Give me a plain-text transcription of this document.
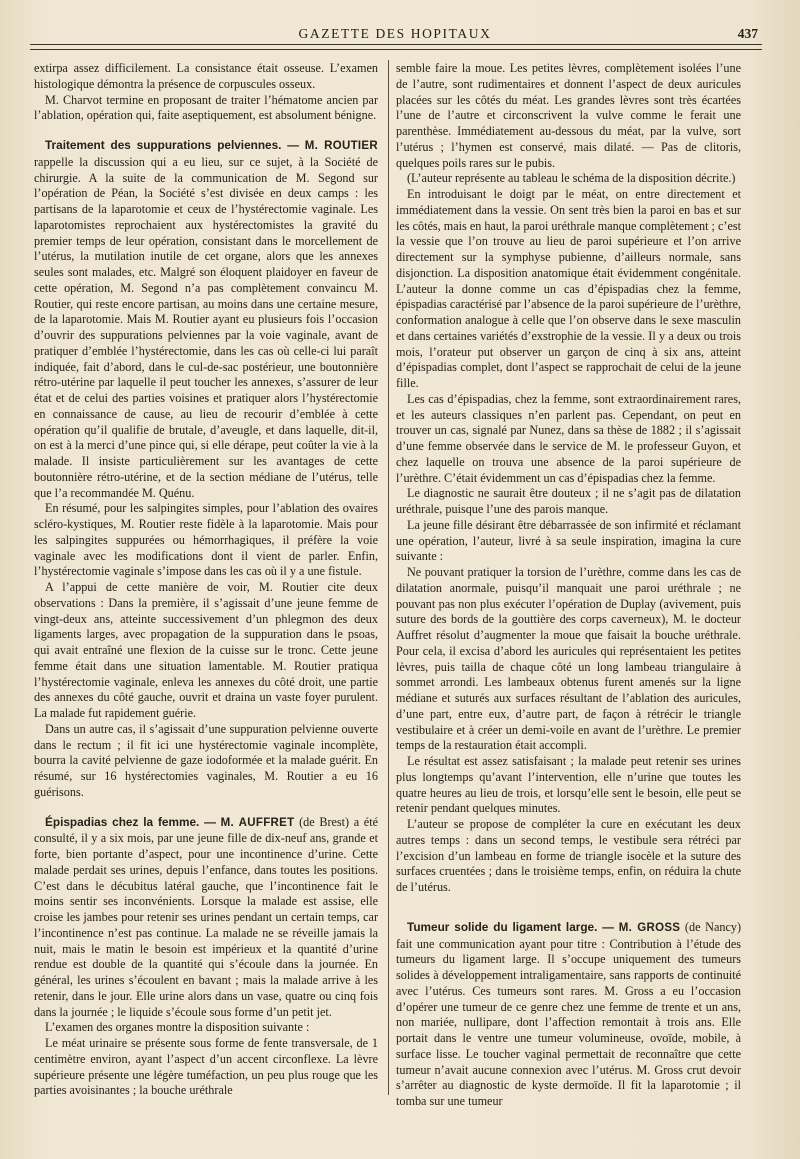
GAZETTE DES HOPITAUX	437

extirpa assez difficilement. La consistance était osseuse. L’examen histologique démontra la présence de corpuscules osseux.

M. Charvot termine en proposant de traiter l’hématome ancien par l’ablation, opération qui, faite aseptiquement, est absolument bénigne.

Traitement des suppurations pelviennes. — M. ROUTIER rappelle la discussion qui a eu lieu, sur ce sujet, à la Société de chirurgie. A la suite de la communication de M. Segond sur l’opération de Péan, la Société s’est divisée en deux camps : les partisans de la laparotomie et ceux de l’hystérectomie vaginale. Les laparotomistes reprochaient aux hystérectomistes la gravité du premier temps de leur opération, consistant dans le morcellement de l’utérus, la mutilation inutile de cet organe, alors que les annexes seules sont malades, etc. Malgré son éloquent plaidoyer en faveur de cette opération, M. Segond n’a pas complètement convaincu M. Routier, qui reste encore partisan, au moins dans une certaine mesure, de la laparotomie. Mais M. Routier ayant eu plusieurs fois l’occasion d’ouvrir des suppurations pelviennes par la voie vaginale, avant de pratiquer d’emblée l’hystérectomie, dans les cas où celle-ci lui paraît indiquée, fait d’abord, dans le cul-de-sac postérieur, une boutonnière rétro-utérine par laquelle il peut toucher les annexes, s’assurer de leur état et de celui des parties voisines et pratiquer alors l’hystérectomie en connaissance de cause, au lieu de recourir d’emblée à cette opération qu’il qualifie de brutale, d’aveugle, et dans laquelle, dit-il, on est à la merci d’une pince qui, si elle dérape, peut coûter la vie à la malade. Il insiste particulièrement sur les avantages de cette boutonnière rétro-utérine, et de la section médiane de l’utérus, telle que l’a recommandée M. Quénu.

En résumé, pour les salpingites simples, pour l’ablation des ovaires scléro-kystiques, M. Routier reste fidèle à la laparotomie. Mais pour les salpingites suppurées ou hémorrhagiques, il préfère la voie vaginale avec les modifications dont il vient de parler. Enfin, l’hystérectomie vaginale s’impose dans les cas où il y a une fistule.

A l’appui de cette manière de voir, M. Routier cite deux observations : Dans la première, il s’agissait d’une jeune femme de vingt-deux ans, atteinte successivement d’un phlegmon des deux ligaments larges, avec propagation de la suppuration dans le psoas, qui avait entraîné une flexion de la cuisse sur le tronc. Cette jeune femme était dans une situation lamentable. M. Routier pratiqua l’hystérectomie vaginale, enleva les annexes du côté droit, une partie des annexes du côté gauche, ouvrit et draina un vaste foyer purulent. La malade fut rapidement guérie.

Dans un autre cas, il s’agissait d’une suppuration pelvienne ouverte dans le rectum ; il fit ici une hystérectomie vaginale incomplète, bourra la cavité pelvienne de gaze iodoformée et la malade guérit. En résumé, sur 16 hystérectomies vaginales, M. Routier a eu 16 guérisons.

Épispadias chez la femme. — M. AUFFRET (de Brest) a été consulté, il y a six mois, par une jeune fille de dix-neuf ans, grande et forte, bien portante d’aspect, pour une incontinence d’urine. Cette malade perdait ses urines, depuis l’enfance, dans toutes les positions. C’est dans le décubitus latéral gauche, que l’incontinence fait le moins sentir ses inconvénients. Lorsque la malade est assise, elle croise les jambes pour retenir ses urines pendant un certain temps, car l’incontinence n’est pas continue. La malade ne se réveille jamais la nuit, mais le matin le besoin est impérieux et la quantité d’urine rendue est double de la quantité qui s’écoule dans la journée. En général, les urines s’écoulent en bavant ; mais la malade arrive à les retenir, dans le jour. Elle urine alors dans un vase, quatre ou cinq fois dans la journée ; le liquide s’écoule sous forme d’un petit jet.

L’examen des organes montre la disposition suivante :

Le méat urinaire se présente sous forme de fente transversale, de 1 centimètre environ, ayant l’aspect d’un accent circonflexe. La lèvre supérieure présente une légère tuméfaction, un peu plus rouge que les parties avoisinantes ; la bouche uréthrale

semble faire la moue. Les petites lèvres, complètement isolées l’une de l’autre, sont rudimentaires et donnent l’aspect de deux auricules placées sur les côtés du méat. Les grandes lèvres sont très écartées l’une de l’autre et circonscrivent la vulve comme le ferait une parenthèse. Immédiatement au-dessous du méat, par la vulve, sort l’utérus ; l’hymen est conservé, mais dilaté. — Pas de clitoris, quelques poils rares sur le pubis.

(L’auteur représente au tableau le schéma de la disposition décrite.)

En introduisant le doigt par le méat, on entre directement et immédiatement dans la vessie. On sent très bien la paroi en bas et sur les côtés, mais en haut, la paroi uréthrale manque complètement ; c’est la vessie que l’on trouve au lieu de paroi supérieure et l’on arrive directement sur la symphyse pubienne, d’ailleurs normale, sans disjonction. La disposition anatomique était évidemment congénitale. L’auteur la donne comme un cas d’épispadias chez la femme, épispadias caractérisé par l’absence de la paroi supérieure de l’urèthre, conformation analogue à celle que l’on observe dans le sexe masculin et dans certaines variétés d’exstrophie de la vessie. Il y a deux ou trois mois, l’orateur put observer un garçon de cinq à six ans, atteint d’épispadias complet, dont l’aspect se rapprochait de celui de la jeune fille.

Les cas d’épispadias, chez la femme, sont extraordinairement rares, et les auteurs classiques n’en parlent pas. Cependant, on peut en trouver un cas, signalé par Nunez, dans sa thèse de 1882 ; il s’agissait d’une femme observée dans le service de M. le professeur Guyon, et chez laquelle on trouva une absence de la paroi supérieure de l’urèthre. C’était évidemment un cas d’épispadias chez la femme.

Le diagnostic ne saurait être douteux ; il ne s’agit pas de dilatation uréthrale, puisque l’une des parois manque.

La jeune fille désirant être débarrassée de son infirmité et réclamant une opération, l’auteur, livré à sa seule inspiration, imagina la cure suivante :

Ne pouvant pratiquer la torsion de l’urèthre, comme dans les cas de dilatation anormale, puisqu’il manquait une paroi uréthrale ; ne pouvant pas non plus exécuter l’opération de Duplay (avivement, puis suture des bords de la gouttière des corps caverneux), M. le docteur Auffret résolut d’augmenter la moue que faisait la bouche uréthrale. Pour cela, il excisa d’abord les auricules qui représentaient les petites lèvres, puis tailla de chaque côté un long lambeau triangulaire à sommet arrondi. Les lambeaux obtenus furent amenés sur la ligne médiane et suturés aux surfaces résultant de l’ablation des auricules, d’une part, entre eux, d’autre part, de façon à rétrécir le triangle vestibulaire et à créer un demi-voile en avant de l’urèthre. Le premier temps de la restauration était accompli.

Le résultat est assez satisfaisant ; la malade peut retenir ses urines plus longtemps qu’avant l’intervention, elle n’urine que toutes les quatre heures au lieu de trois, et lorsqu’elle sent le besoin, elle peut se retenir pendant quelques minutes.

L’auteur se propose de compléter la cure en exécutant les deux autres temps : dans un second temps, le vestibule sera rétréci par l’excision d’un lambeau en forme de triangle isocèle et la suture des surfaces cruentées ; dans le troisième temps, enfin, on réduira la chute de l’utérus.

Tumeur solide du ligament large. — M. GROSS (de Nancy) fait une communication ayant pour titre : Contribution à l’étude des tumeurs du ligament large. Il s’occupe uniquement des tumeurs solides à développement intraligamentaire, sans rapports de continuité avec l’utérus. Ces tumeurs sont rares. M. Gross a eu l’occasion d’opérer une tumeur de ce genre chez une femme de trente et un ans, non mariée, nullipare, dont l’affection remontait à trois ans. Elle portait dans le ventre une tumeur volumineuse, ovoïde, mobile, à surface lisse. Le toucher vaginal permettait de reconnaître que cette tumeur n’avait aucune connexion avec l’utérus. M. Gross crut devoir s’arrêter au diagnostic de kyste dermoïde. Il fit la laparotomie ; il tomba sur une tumeur
